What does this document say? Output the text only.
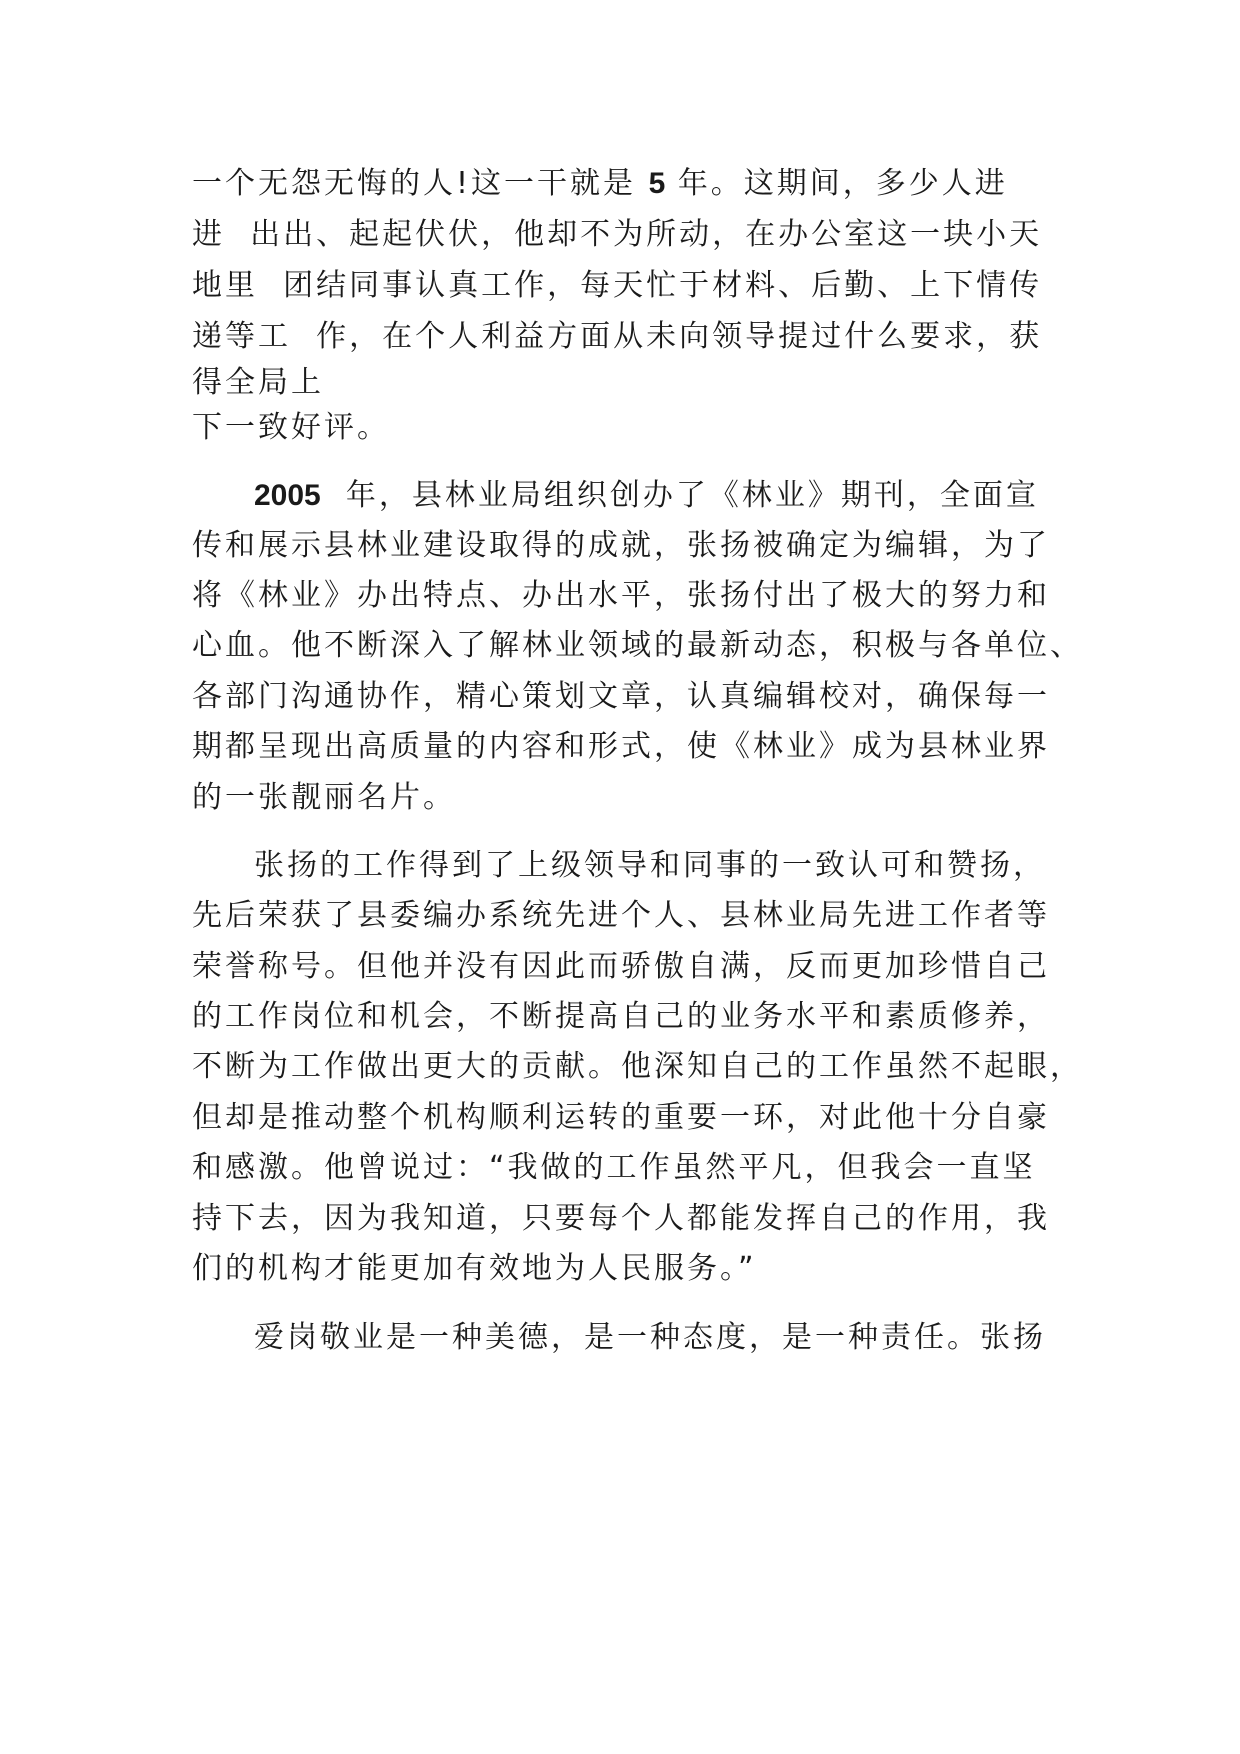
一个无怨无悔的人!这一干就是 5 年。这期间，多少人进
进  出出、起起伏伏，他却不为所动，在办公室这一块小天
地里  团结同事认真工作，每天忙于材料、后勤、上下情传
递等工  作，在个人利益方面从未向领导提过什么要求，获
得全局上
下一致好评。
2005 年，县林业局组织创办了《林业》期刊，全面宣
传和展示县林业建设取得的成就，张扬被确定为编辑，为了
将《林业》办出特点、办出水平，张扬付出了极大的努力和
心血。他不断深入了解林业领域的最新动态，积极与各单位、
各部门沟通协作，精心策划文章，认真编辑校对，确保每一
期都呈现出高质量的内容和形式，使《林业》成为县林业界
的一张靓丽名片。
张扬的工作得到了上级领导和同事的一致认可和赞扬，
先后荣获了县委编办系统先进个人、县林业局先进工作者等
荣誉称号。但他并没有因此而骄傲自满，反而更加珍惜自己
的工作岗位和机会，不断提高自己的业务水平和素质修养，
不断为工作做出更大的贡献。他深知自己的工作虽然不起眼，
但却是推动整个机构顺利运转的重要一环，对此他十分自豪
和感激。他曾说过：“我做的工作虽然平凡，但我会一直坚
持下去，因为我知道，只要每个人都能发挥自己的作用，我
们的机构才能更加有效地为人民服务。”
爱岗敬业是一种美德，是一种态度，是一种责任。张扬
